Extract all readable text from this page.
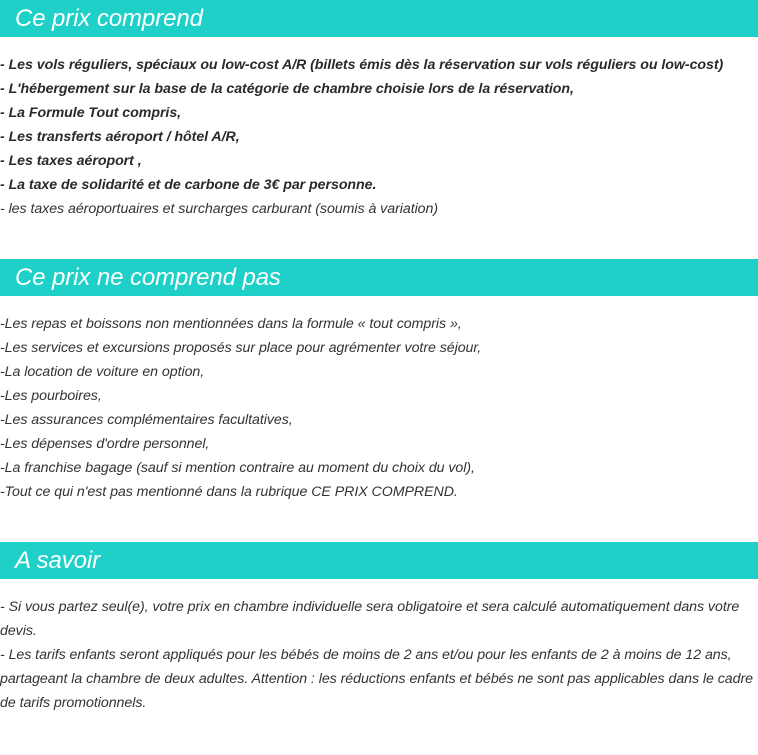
Ce prix comprend
- Les vols réguliers, spéciaux ou low-cost A/R (billets émis dès la réservation sur vols réguliers ou low-cost)
- L'hébergement sur la base de la catégorie de chambre choisie lors de la réservation,
- La Formule Tout compris,
- Les transferts aéroport / hôtel A/R,
- Les taxes aéroport ,
- La taxe de solidarité et de carbone de 3€ par personne.
- les taxes aéroportuaires et surcharges carburant (soumis à variation)
Ce prix ne comprend pas
-Les repas et boissons non mentionnées dans la formule « tout compris »,
-Les services et excursions proposés sur place pour agrémenter votre séjour,
-La location de voiture en option,
-Les pourboires,
-Les assurances complémentaires facultatives,
-Les dépenses d'ordre personnel,
-La franchise bagage (sauf si mention contraire au moment du choix du vol),
-Tout ce qui n'est pas mentionné dans la rubrique CE PRIX COMPREND.
A savoir
- Si vous partez seul(e), votre prix en chambre individuelle sera obligatoire et sera calculé automatiquement dans votre devis.
- Les tarifs enfants seront appliqués pour les bébés de moins de 2 ans et/ou pour les enfants de 2 à moins de 12 ans, partageant la chambre de deux adultes. Attention : les réductions enfants et bébés ne sont pas applicables dans le cadre de tarifs promotionnels.
